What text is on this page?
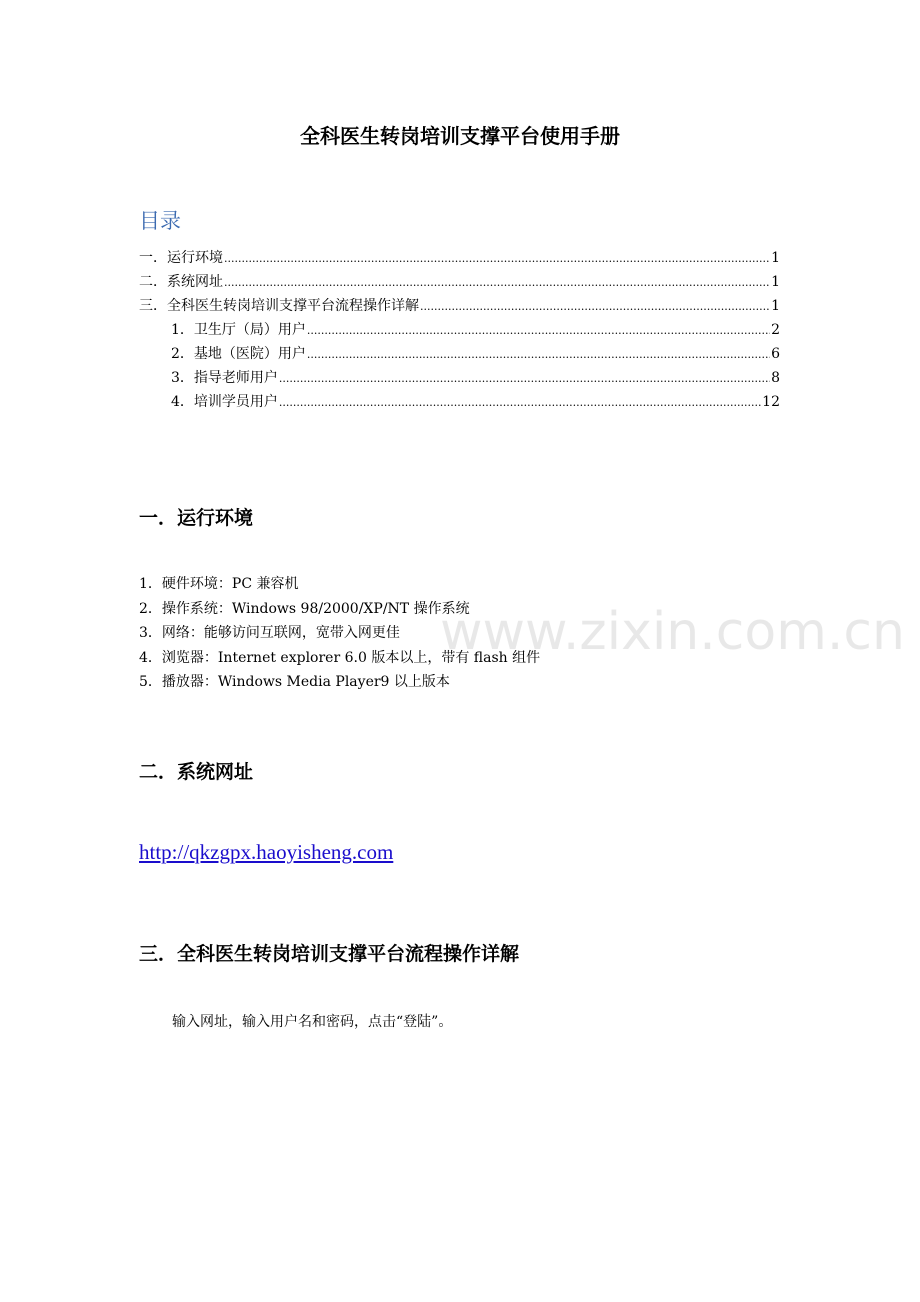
全科医生转岗培训支撑平台使用手册
目录
一．运行环境 .....	1
二．系统网址 .....	1
三．全科医生转岗培训支撑平台流程操作详解 .....	1
1．卫生厅（局）用户 .....	2
2．基地（医院）用户 .....	6
3．指导老师用户 .....	8
4．培训学员用户 .....	12
一．运行环境
1．硬件环境：PC 兼容机
2．操作系统：Windows 98/2000/XP/NT 操作系统
3．网络：能够访问互联网，宽带入网更佳
4．浏览器：Internet explorer 6.0 版本以上，带有 flash 组件
5．播放器：Windows Media Player9 以上版本
二．系统网址
http://qkzgpx.haoyisheng.com
三．全科医生转岗培训支撑平台流程操作详解
输入网址，输入用户名和密码，点击“登陆”。
www.zixin.com.cn
